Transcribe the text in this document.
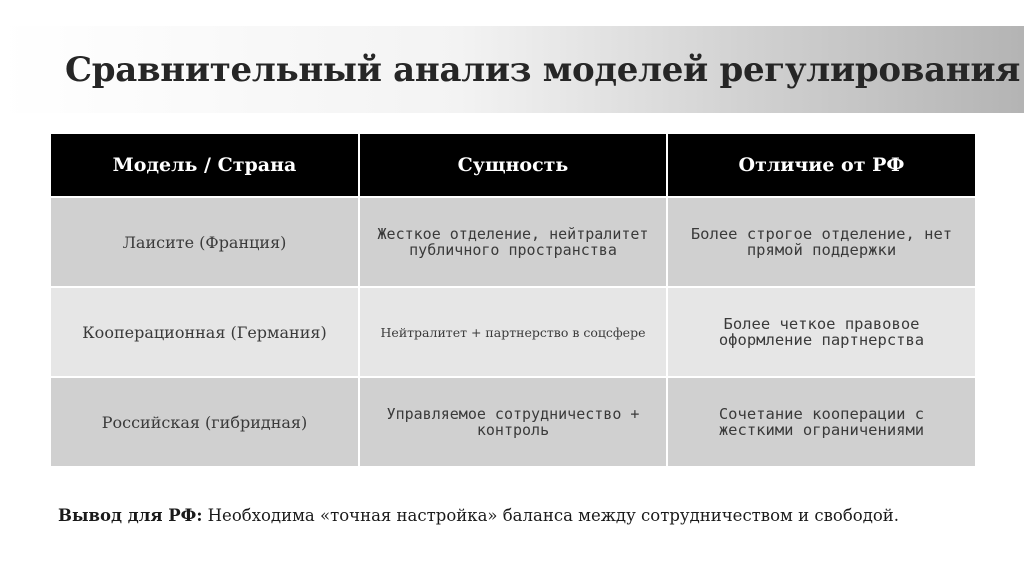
Сравнительный анализ моделей регулирования
Модель / Страна	Сущность	Отличие от РФ
Лаисите (Франция)	Жесткое отделение, нейтралитет публичного пространства	Более строгое отделение, нет прямой поддержки
Кооперационная (Германия)	Нейтралитет + партнерство в соцсфере	Более четкое правовое оформление партнерства
Российская (гибридная)	Управляемое сотрудничество + контроль	Сочетание кооперации с жесткими ограничениями

Вывод для РФ: Необходима «точная настройка» баланса между сотрудничеством и свободой.
